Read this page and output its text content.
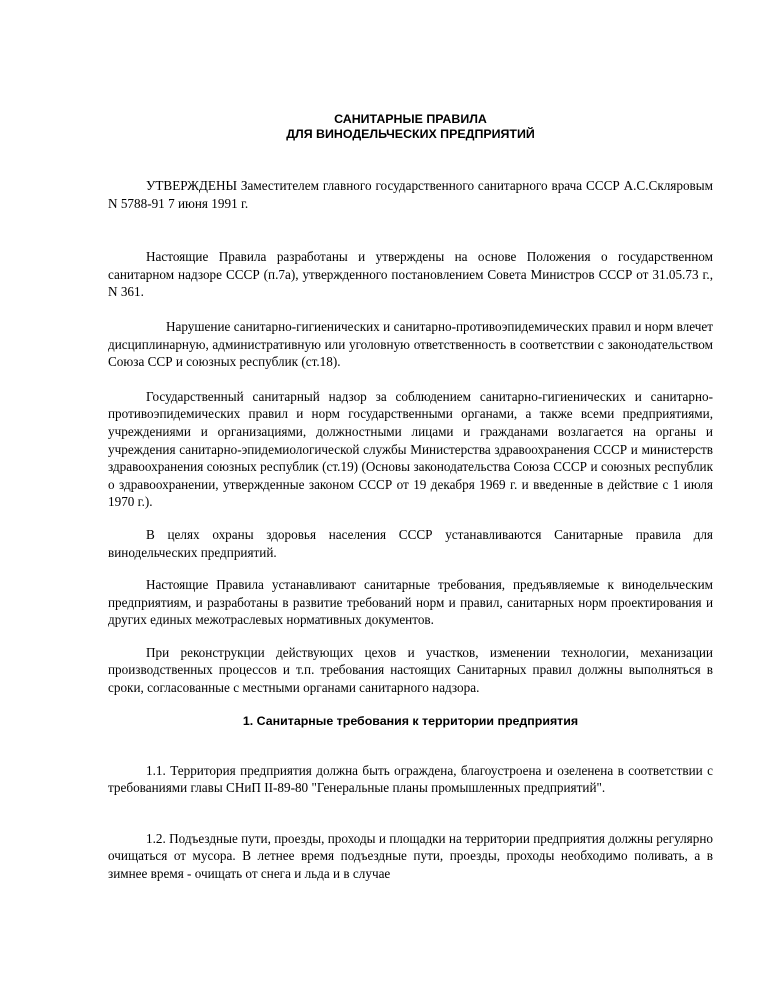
САНИТАРНЫЕ ПРАВИЛА
ДЛЯ ВИНОДЕЛЬЧЕСКИХ ПРЕДПРИЯТИЙ

УТВЕРЖДЕНЫ Заместителем главного государственного санитарного врача СССР А.С.Скляровым N 5788-91 7 июня 1991 г.

Настоящие Правила разработаны и утверждены на основе Положения о государственном санитарном надзоре СССР (п.7а), утвержденного постановлением Совета Министров СССР от 31.05.73 г., N 361.

Нарушение санитарно-гигиенических и санитарно-противоэпидемических правил и норм влечет дисциплинарную, административную или уголовную ответственность в соответствии с законодательством Союза ССР и союзных республик (ст.18).

Государственный санитарный надзор за соблюдением санитарно-гигиенических и санитарно-противоэпидемических правил и норм государственными органами, а также всеми предприятиями, учреждениями и организациями, должностными лицами и гражданами возлагается на органы и учреждения санитарно-эпидемиологической службы Министерства здравоохранения СССР и министерств здравоохранения союзных республик (ст.19) (Основы законодательства Союза СССР и союзных республик о здравоохранении, утвержденные законом СССР от 19 декабря 1969 г. и введенные в действие с 1 июля 1970 г.).

В целях охраны здоровья населения СССР устанавливаются Санитарные правила для винодельческих предприятий.

Настоящие Правила устанавливают санитарные требования, предъявляемые к винодельческим предприятиям, и разработаны в развитие требований норм и правил, санитарных норм проектирования и других единых межотраслевых нормативных документов.

При реконструкции действующих цехов и участков, изменении технологии, механизации производственных процессов и т.п. требования настоящих Санитарных правил должны выполняться в сроки, согласованные с местными органами санитарного надзора.

1. Санитарные требования к территории предприятия

1.1. Территория предприятия должна быть ограждена, благоустроена и озеленена в соответствии с требованиями главы СНиП II-89-80 "Генеральные планы промышленных предприятий".

1.2. Подъездные пути, проезды, проходы и площадки на территории предприятия должны регулярно очищаться от мусора. В летнее время подъездные пути, проезды, проходы необходимо поливать, а в зимнее время - очищать от снега и льда и в случае
